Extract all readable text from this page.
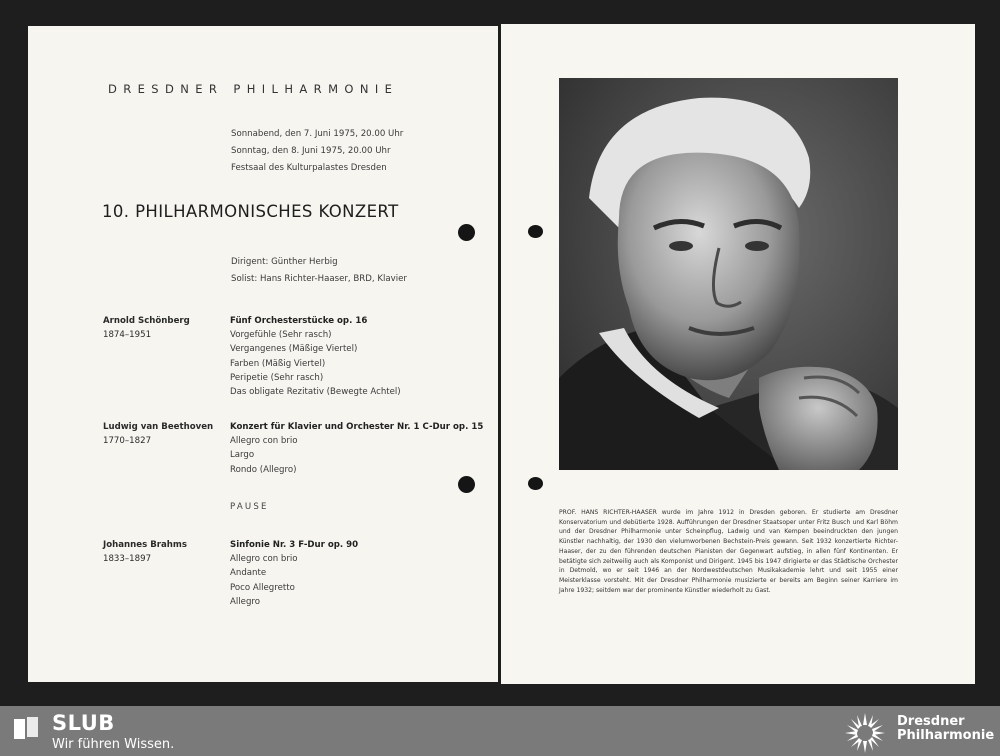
DRESDNER PHILHARMONIE
Sonnabend, den 7. Juni 1975, 20.00 Uhr
Sonntag, den 8. Juni 1975, 20.00 Uhr
Festsaal des Kulturpalastes Dresden
10. PHILHARMONISCHES KONZERT
Dirigent: Günther Herbig
Solist: Hans Richter-Haaser, BRD, Klavier
Arnold Schönberg
1874–1951
Fünf Orchesterstücke op. 16
Vorgefühle (Sehr rasch)
Vergangenes (Mäßige Viertel)
Farben (Mäßig Viertel)
Peripetie (Sehr rasch)
Das obligate Rezitativ (Bewegte Achtel)
Ludwig van Beethoven
1770–1827
Konzert für Klavier und Orchester Nr. 1 C-Dur op. 15
Allegro con brio
Largo
Rondo (Allegro)
PAUSE
Johannes Brahms
1833–1897
Sinfonie Nr. 3 F-Dur op. 90
Allegro con brio
Andante
Poco Allegretto
Allegro
PROF. HANS RICHTER-HAASER wurde im Jahre 1912 in Dresden geboren. Er studierte am Dresdner Konservatorium und debütierte 1928. Aufführungen der Dresdner Staatsoper unter Fritz Busch und Karl Böhm und der Dresdner Philharmonie unter Scheinpflug, Ladwig und van Kempen beeindruckten den jungen Künstler nachhaltig, der 1930 den vielumworbenen Bechstein-Preis gewann. Seit 1932 konzertierte Richter-Haaser, der zu den führenden deutschen Pianisten der Gegenwart aufstieg, in allen fünf Kontinenten. Er betätigte sich zeitweilig auch als Komponist und Dirigent. 1945 bis 1947 dirigierte er das Städtische Orchester in Detmold, wo er seit 1946 an der Nordwestdeutschen Musikakademie lehrt und seit 1955 einer Meisterklasse vorsteht. Mit der Dresdner Philharmonie musizierte er bereits am Beginn seiner Karriere im Jahre 1932; seitdem war der prominente Künstler wiederholt zu Gast.
SLUB
Wir führen Wissen.
Dresdner
Philharmonie
